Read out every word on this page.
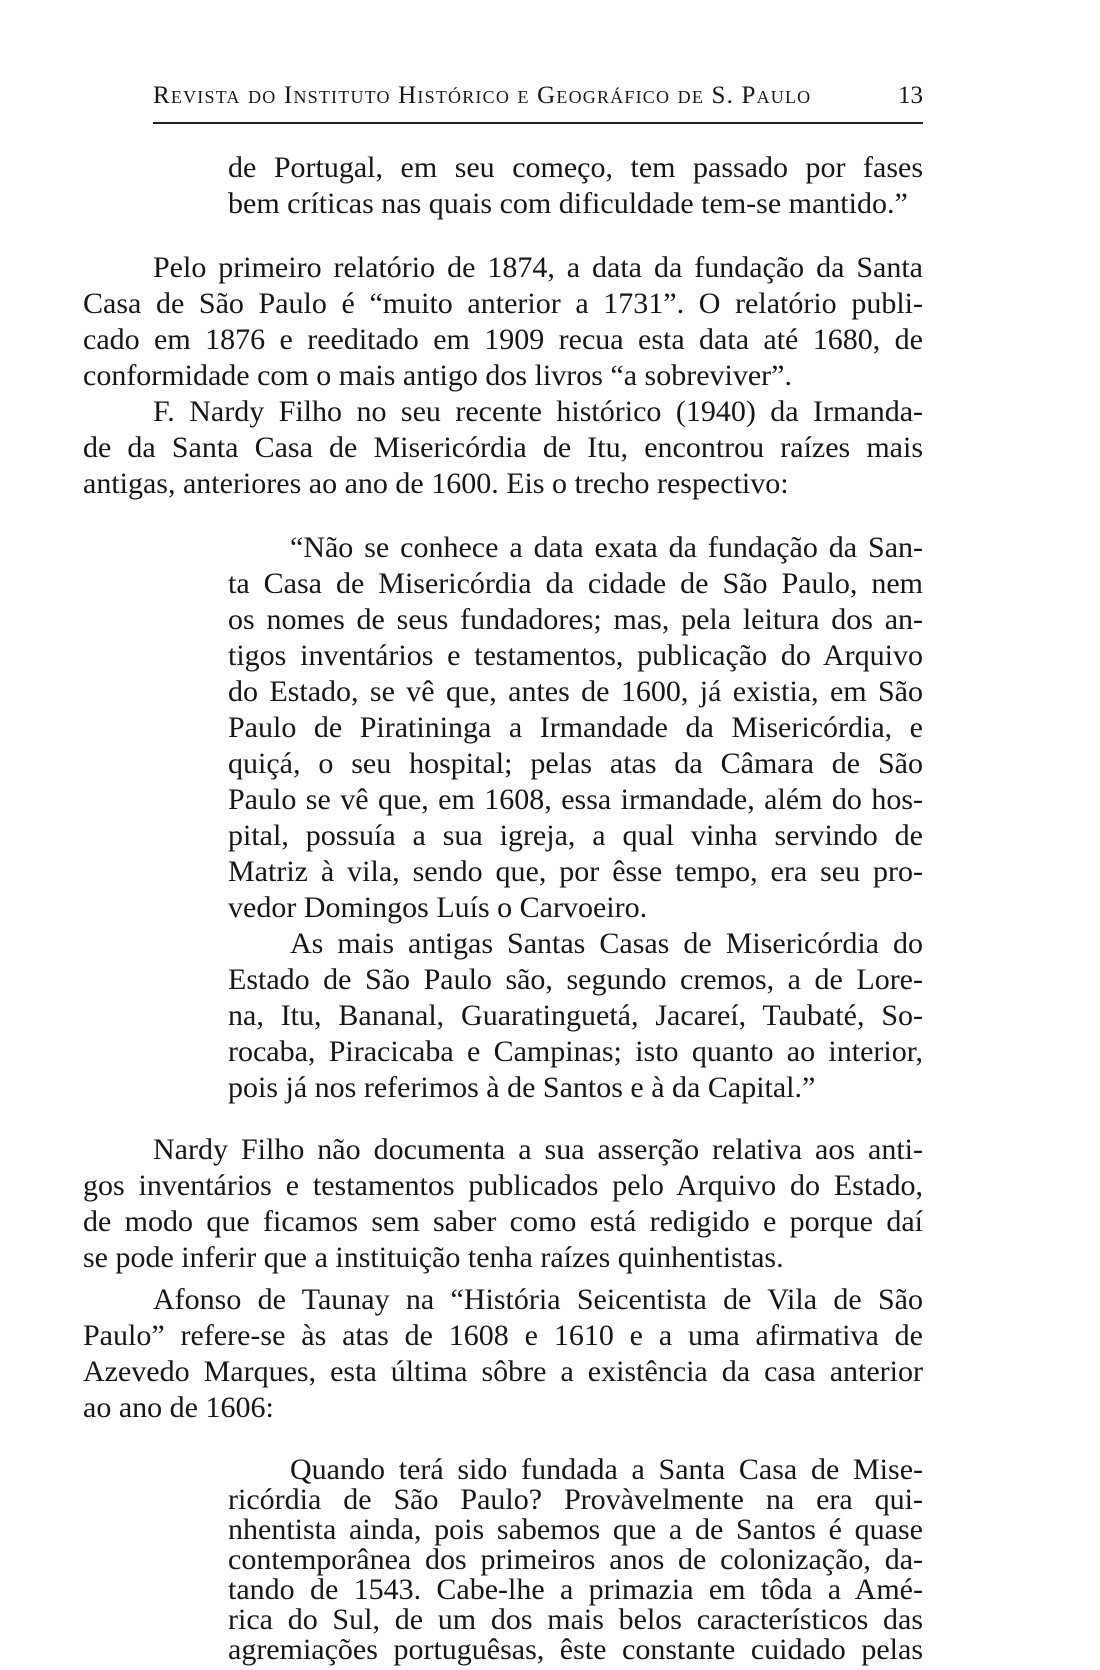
Revista do Instituto Histórico e Geográfico de S. Paulo	13
de Portugal, em seu começo, tem passado por fases
bem críticas nas quais com dificuldade tem-se mantido.”
Pelo primeiro relatório de 1874, a data da fundação da Santa
Casa de São Paulo é “muito anterior a 1731”. O relatório publi-
cado em 1876 e reeditado em 1909 recua esta data até 1680, de
conformidade com o mais antigo dos livros “a sobreviver”.
F. Nardy Filho no seu recente histórico (1940) da Irmanda-
de da Santa Casa de Misericórdia de Itu, encontrou raízes mais
antigas, anteriores ao ano de 1600. Eis o trecho respectivo:
“Não se conhece a data exata da fundação da San-
ta Casa de Misericórdia da cidade de São Paulo, nem
os nomes de seus fundadores; mas, pela leitura dos an-
tigos inventários e testamentos, publicação do Arquivo
do Estado, se vê que, antes de 1600, já existia, em São
Paulo de Piratininga a Irmandade da Misericórdia, e
quiçá, o seu hospital; pelas atas da Câmara de São
Paulo se vê que, em 1608, essa irmandade, além do hos-
pital, possuía a sua igreja, a qual vinha servindo de
Matriz à vila, sendo que, por êsse tempo, era seu pro-
vedor Domingos Luís o Carvoeiro.
As mais antigas Santas Casas de Misericórdia do
Estado de São Paulo são, segundo cremos, a de Lore-
na, Itu, Bananal, Guaratinguetá, Jacareí, Taubaté, So-
rocaba, Piracicaba e Campinas; isto quanto ao interior,
pois já nos referimos à de Santos e à da Capital.”
Nardy Filho não documenta a sua asserção relativa aos anti-
gos inventários e testamentos publicados pelo Arquivo do Estado,
de modo que ficamos sem saber como está redigido e porque daí
se pode inferir que a instituição tenha raízes quinhentistas.
Afonso de Taunay na “História Seicentista de Vila de São
Paulo” refere-se às atas de 1608 e 1610 e a uma afirmativa de
Azevedo Marques, esta última sôbre a existência da casa anterior
ao ano de 1606:
Quando terá sido fundada a Santa Casa de Mise-
ricórdia de São Paulo? Provàvelmente na era qui-
nhentista ainda, pois sabemos que a de Santos é quase
contemporânea dos primeiros anos de colonização, da-
tando de 1543. Cabe-lhe a primazia em tôda a Amé-
rica do Sul, de um dos mais belos característicos das
agremiações portuguêsas, êste constante cuidado pelas
